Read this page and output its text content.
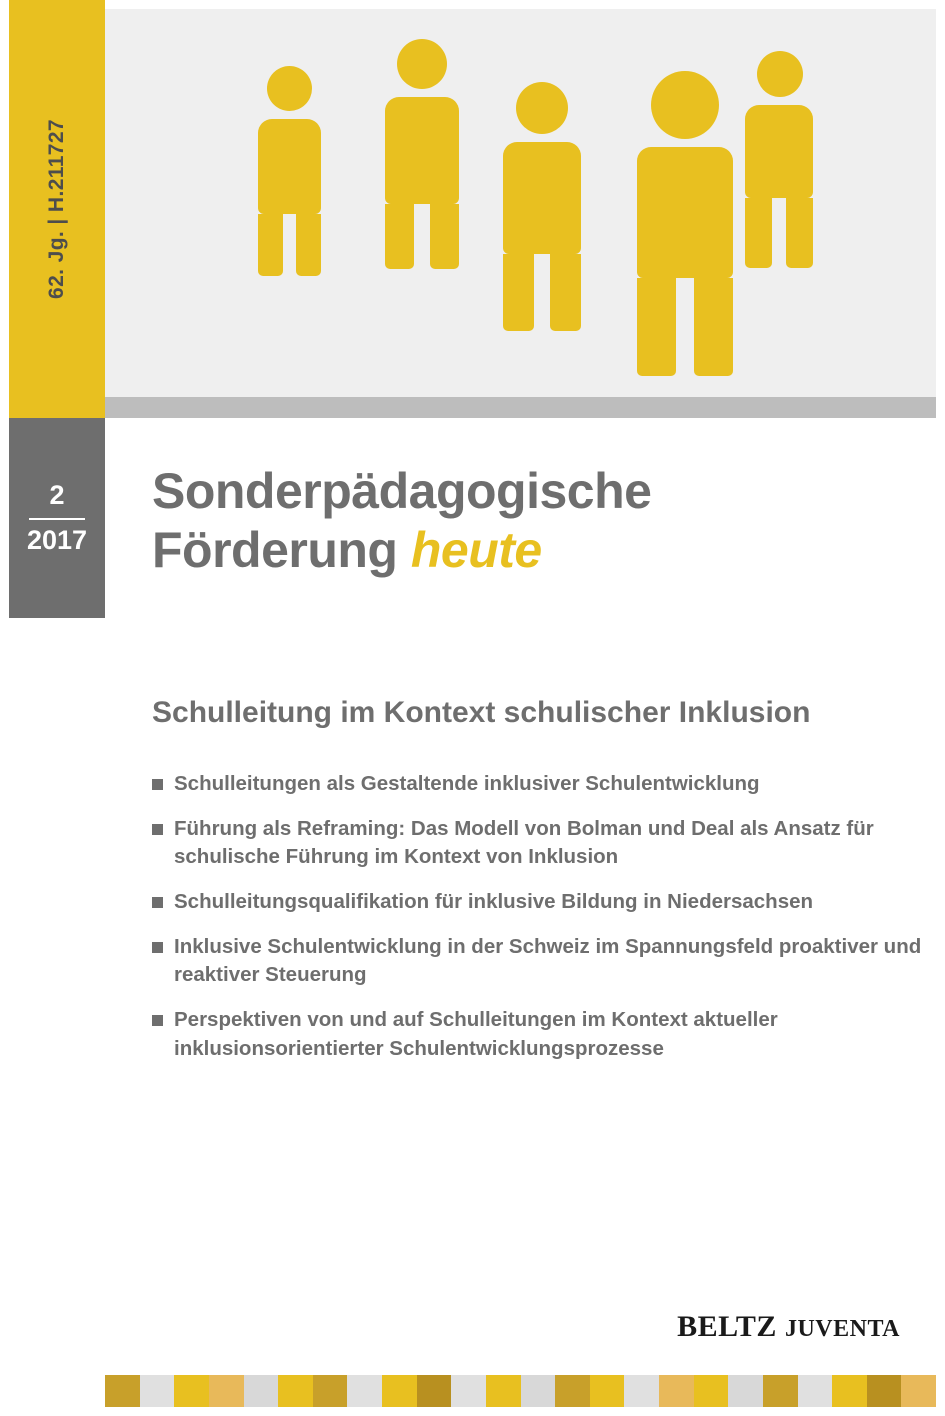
62. Jg. | H.211727
2
2017
Sonderpädagogische
Förderung heute
Schulleitung im Kontext schulischer Inklusion
Schulleitungen als Gestaltende inklusiver Schulentwicklung
Führung als Reframing: Das Modell von Bolman und Deal als Ansatz für schulische Führung im Kontext von Inklusion
Schulleitungsqualifikation für inklusive Bildung in Niedersachsen
Inklusive Schulentwicklung in der Schweiz im Spannungsfeld proaktiver und reaktiver Steuerung
Perspektiven von und auf Schulleitungen im Kontext aktueller inklusionsorientierter Schulentwicklungsprozesse
BELTZ JUVENTA
